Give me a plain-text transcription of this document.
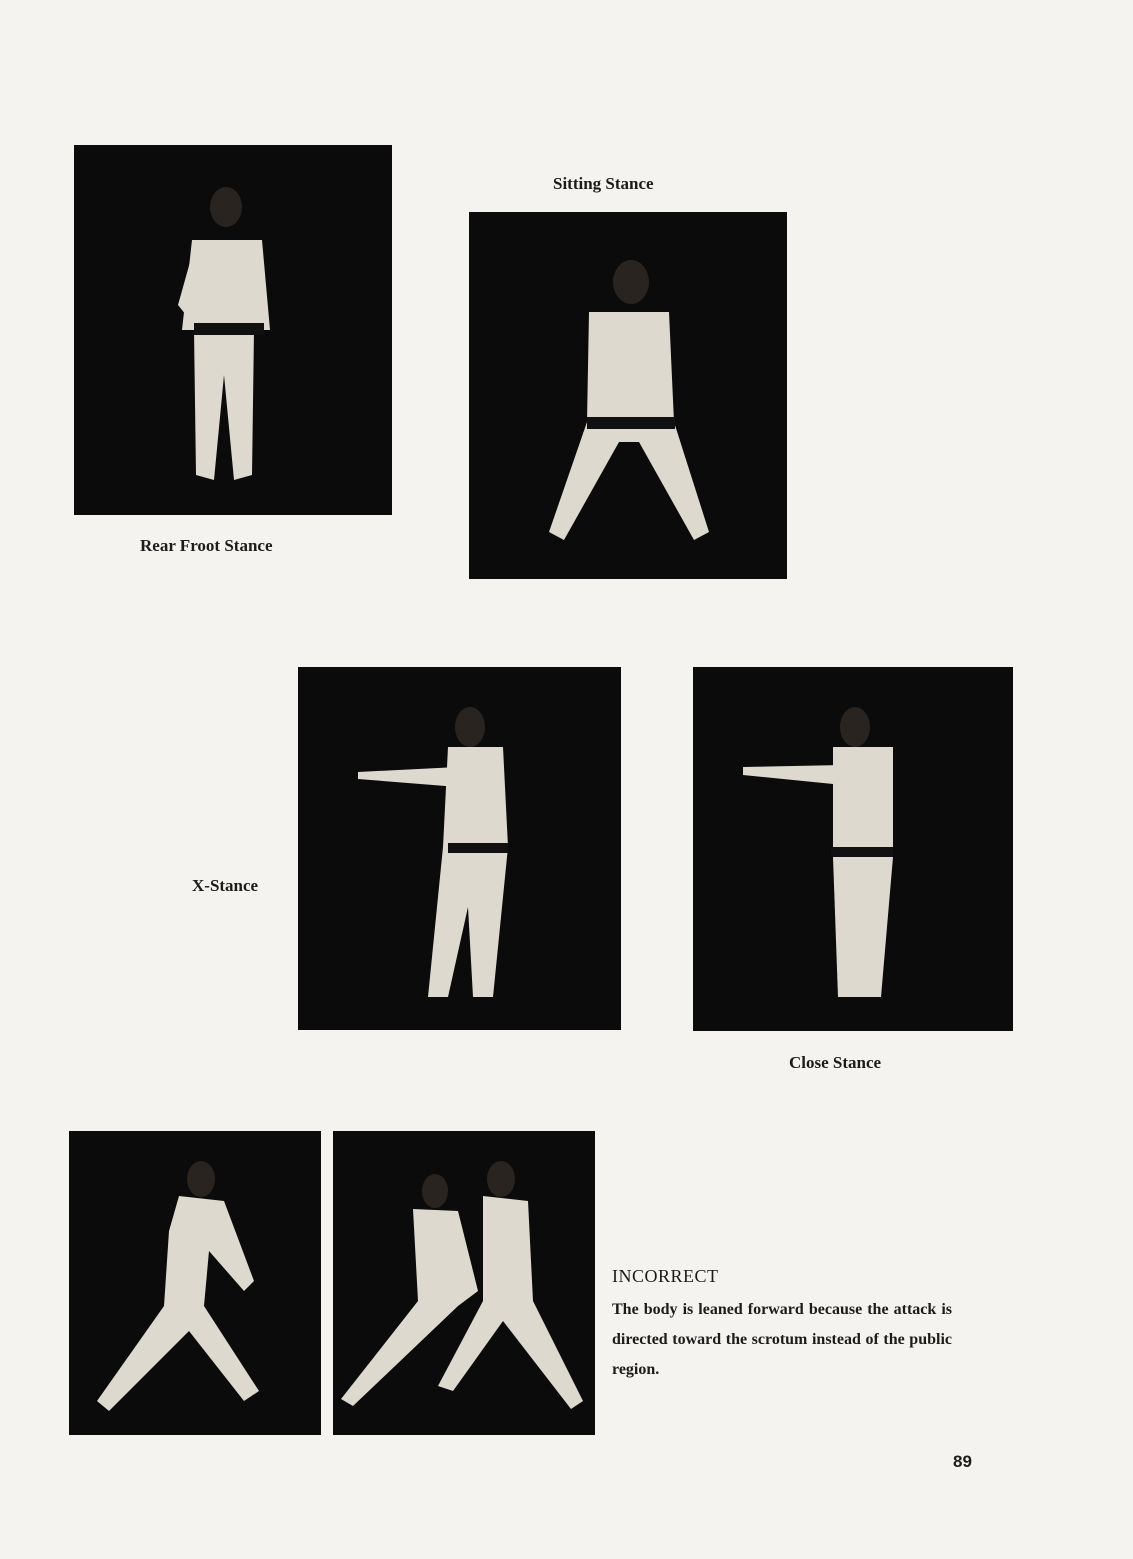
Rear Froot Stance
Sitting Stance
X-Stance
Close Stance
INCORRECT
The body is leaned forward because the attack is directed toward the scrotum instead of the public region.
89
